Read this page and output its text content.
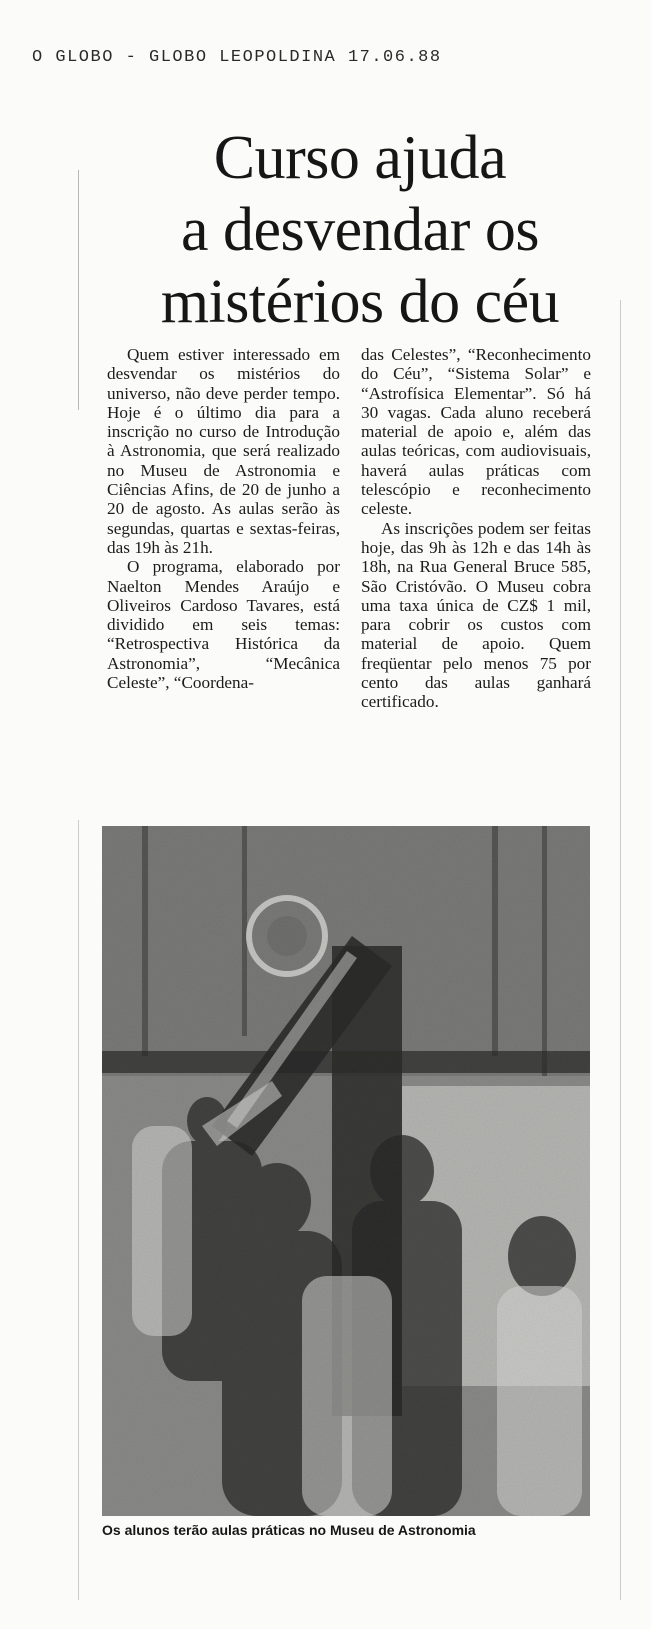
O GLOBO - GLOBO LEOPOLDINA 17.06.88
Curso ajuda
a desvendar os
mistérios do céu

Quem estiver interessado em desvendar os mistérios do universo, não deve perder tempo. Hoje é o último dia para a inscrição no curso de Introdução à Astronomia, que será realizado no Museu de Astronomia e Ciências Afins, de 20 de junho a 20 de agosto. As aulas serão às segundas, quartas e sextas-feiras, das 19h às 21h.

O programa, elaborado por Naelton Mendes Araújo e Oliveiros Cardoso Tavares, está dividido em seis temas: “Retrospectiva Histórica da Astronomia”, “Mecânica Celeste”, “Coordena-

das Celestes”, “Reconhecimento do Céu”, “Sistema Solar” e “Astrofísica Elementar”. Só há 30 vagas. Cada aluno receberá material de apoio e, além das aulas teóricas, com audiovisuais, haverá aulas práticas com telescópio e reconhecimento celeste.

As inscrições podem ser feitas hoje, das 9h às 12h e das 14h às 18h, na Rua General Bruce 585, São Cristóvão. O Museu cobra uma taxa única de CZ$ 1 mil, para cobrir os custos com material de apoio. Quem freqüentar pelo menos 75 por cento das aulas ganhará certificado.

Os alunos terão aulas práticas no Museu de Astronomia
